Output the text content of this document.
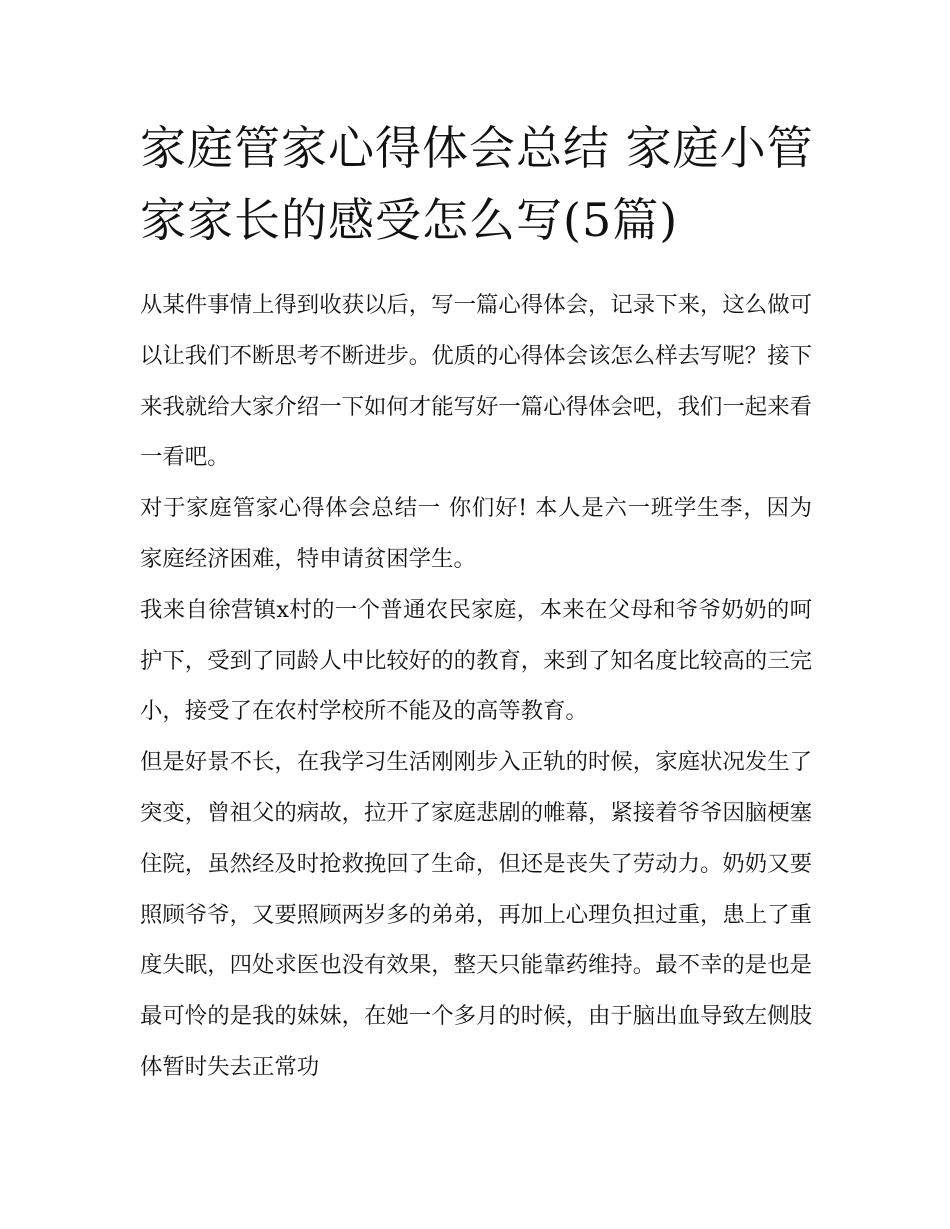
家庭管家心得体会总结 家庭小管家家长的感受怎么写(5篇)

从某件事情上得到收获以后，写一篇心得体会，记录下来，这么做可以让我们不断思考不断进步。优质的心得体会该怎么样去写呢？接下来我就给大家介绍一下如何才能写好一篇心得体会吧，我们一起来看一看吧。

对于家庭管家心得体会总结一 你们好! 本人是六一班学生李，因为家庭经济困难，特申请贫困学生。

我来自徐营镇x村的一个普通农民家庭，本来在父母和爷爷奶奶的呵护下，受到了同龄人中比较好的的教育，来到了知名度比较高的三完小，接受了在农村学校所不能及的高等教育。

但是好景不长，在我学习生活刚刚步入正轨的时候，家庭状况发生了突变，曾祖父的病故，拉开了家庭悲剧的帷幕，紧接着爷爷因脑梗塞住院，虽然经及时抢救挽回了生命，但还是丧失了劳动力。奶奶又要照顾爷爷，又要照顾两岁多的弟弟，再加上心理负担过重，患上了重度失眠，四处求医也没有效果，整天只能靠药维持。最不幸的是也是最可怜的是我的妹妹，在她一个多月的时候，由于脑出血导致左侧肢体暂时失去正常功
